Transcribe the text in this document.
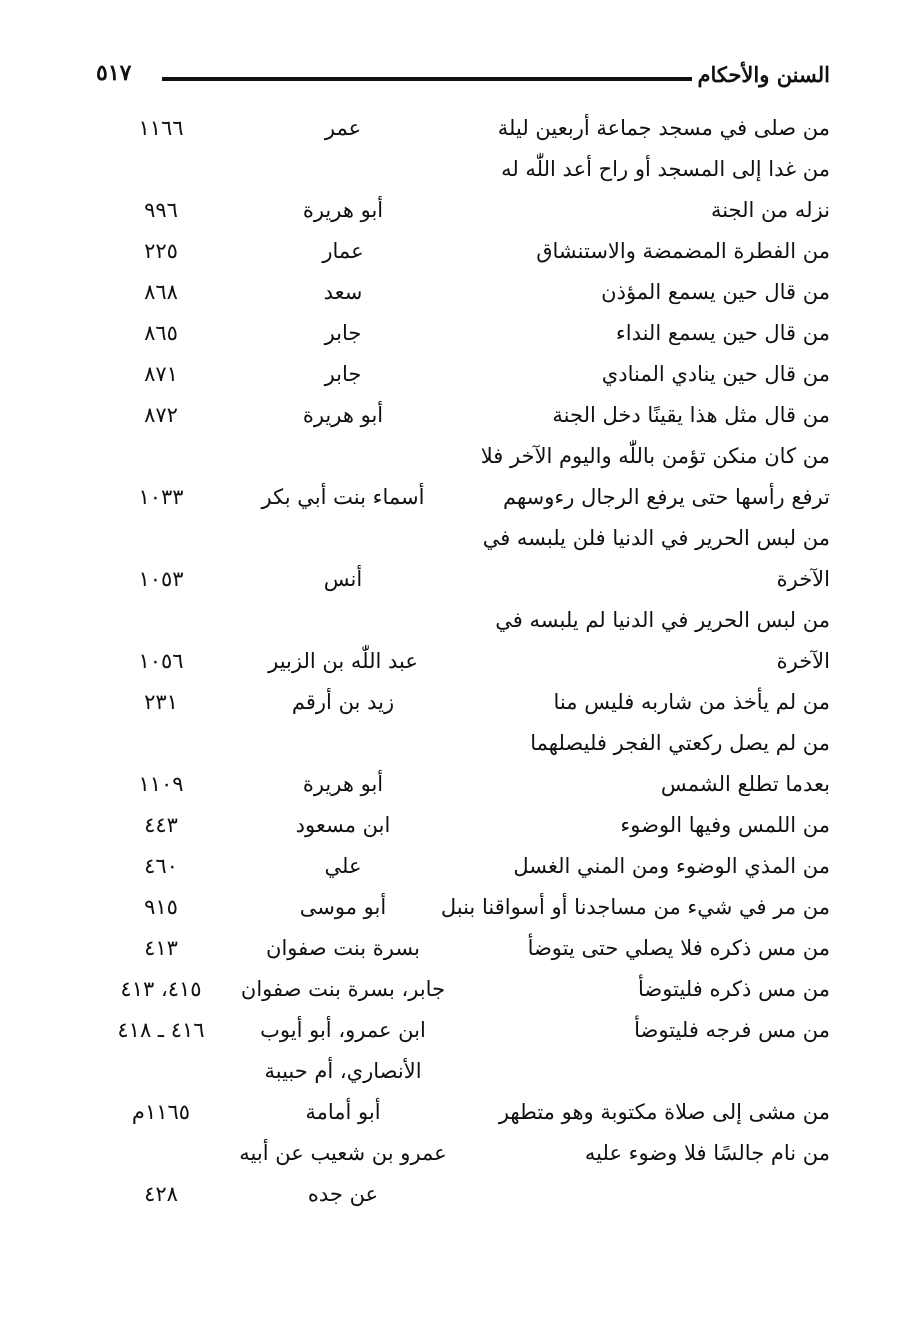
السنن والأحكام
٥١٧
من صلى في مسجد جماعة أربعين ليلة
عمر
١١٦٦
من غدا إلى المسجد أو راح أعد اللّٰه له
نزله من الجنة
أبو هريرة
٩٩٦
من الفطرة المضمضة والاستنشاق
عمار
٢٢٥
من قال حين يسمع المؤذن
سعد
٨٦٨
من قال حين يسمع النداء
جابر
٨٦٥
من قال حين ينادي المنادي
جابر
٨٧١
من قال مثل هذا يقينًا دخل الجنة
أبو هريرة
٨٧٢
من كان منكن تؤمن باللّٰه واليوم الآخر فلا
ترفع رأسها حتى يرفع الرجال رءوسهم
أسماء بنت أبي بكر
١٠٣٣
من لبس الحرير في الدنيا فلن يلبسه في
الآخرة
أنس
١٠٥٣
من لبس الحرير في الدنيا لم يلبسه في
الآخرة
عبد اللّٰه بن الزبير
١٠٥٦
من لم يأخذ من شاربه فليس منا
زيد بن أرقم
٢٣١
من لم يصل ركعتي الفجر فليصلهما
بعدما تطلع الشمس
أبو هريرة
١١٠٩
من اللمس وفيها الوضوء
ابن مسعود
٤٤٣
من المذي الوضوء ومن المني الغسل
علي
٤٦٠
من مر في شيء من مساجدنا أو أسواقنا بنبل
أبو موسى
٩١٥
من مس ذكره فلا يصلي حتى يتوضأ
بسرة بنت صفوان
٤١٣
من مس ذكره فليتوضأ
جابر، بسرة بنت صفوان
٤١٥، ٤١٣
من مس فرجه فليتوضأ
ابن عمرو، أبو أيوب
٤١٦ ـ ٤١٨
الأنصاري، أم حبيبة
من مشى إلى صلاة مكتوبة وهو متطهر
أبو أمامة
١١٦٥م
من نام جالسًا فلا وضوء عليه
عمرو بن شعيب عن أبيه
عن جده
٤٢٨
